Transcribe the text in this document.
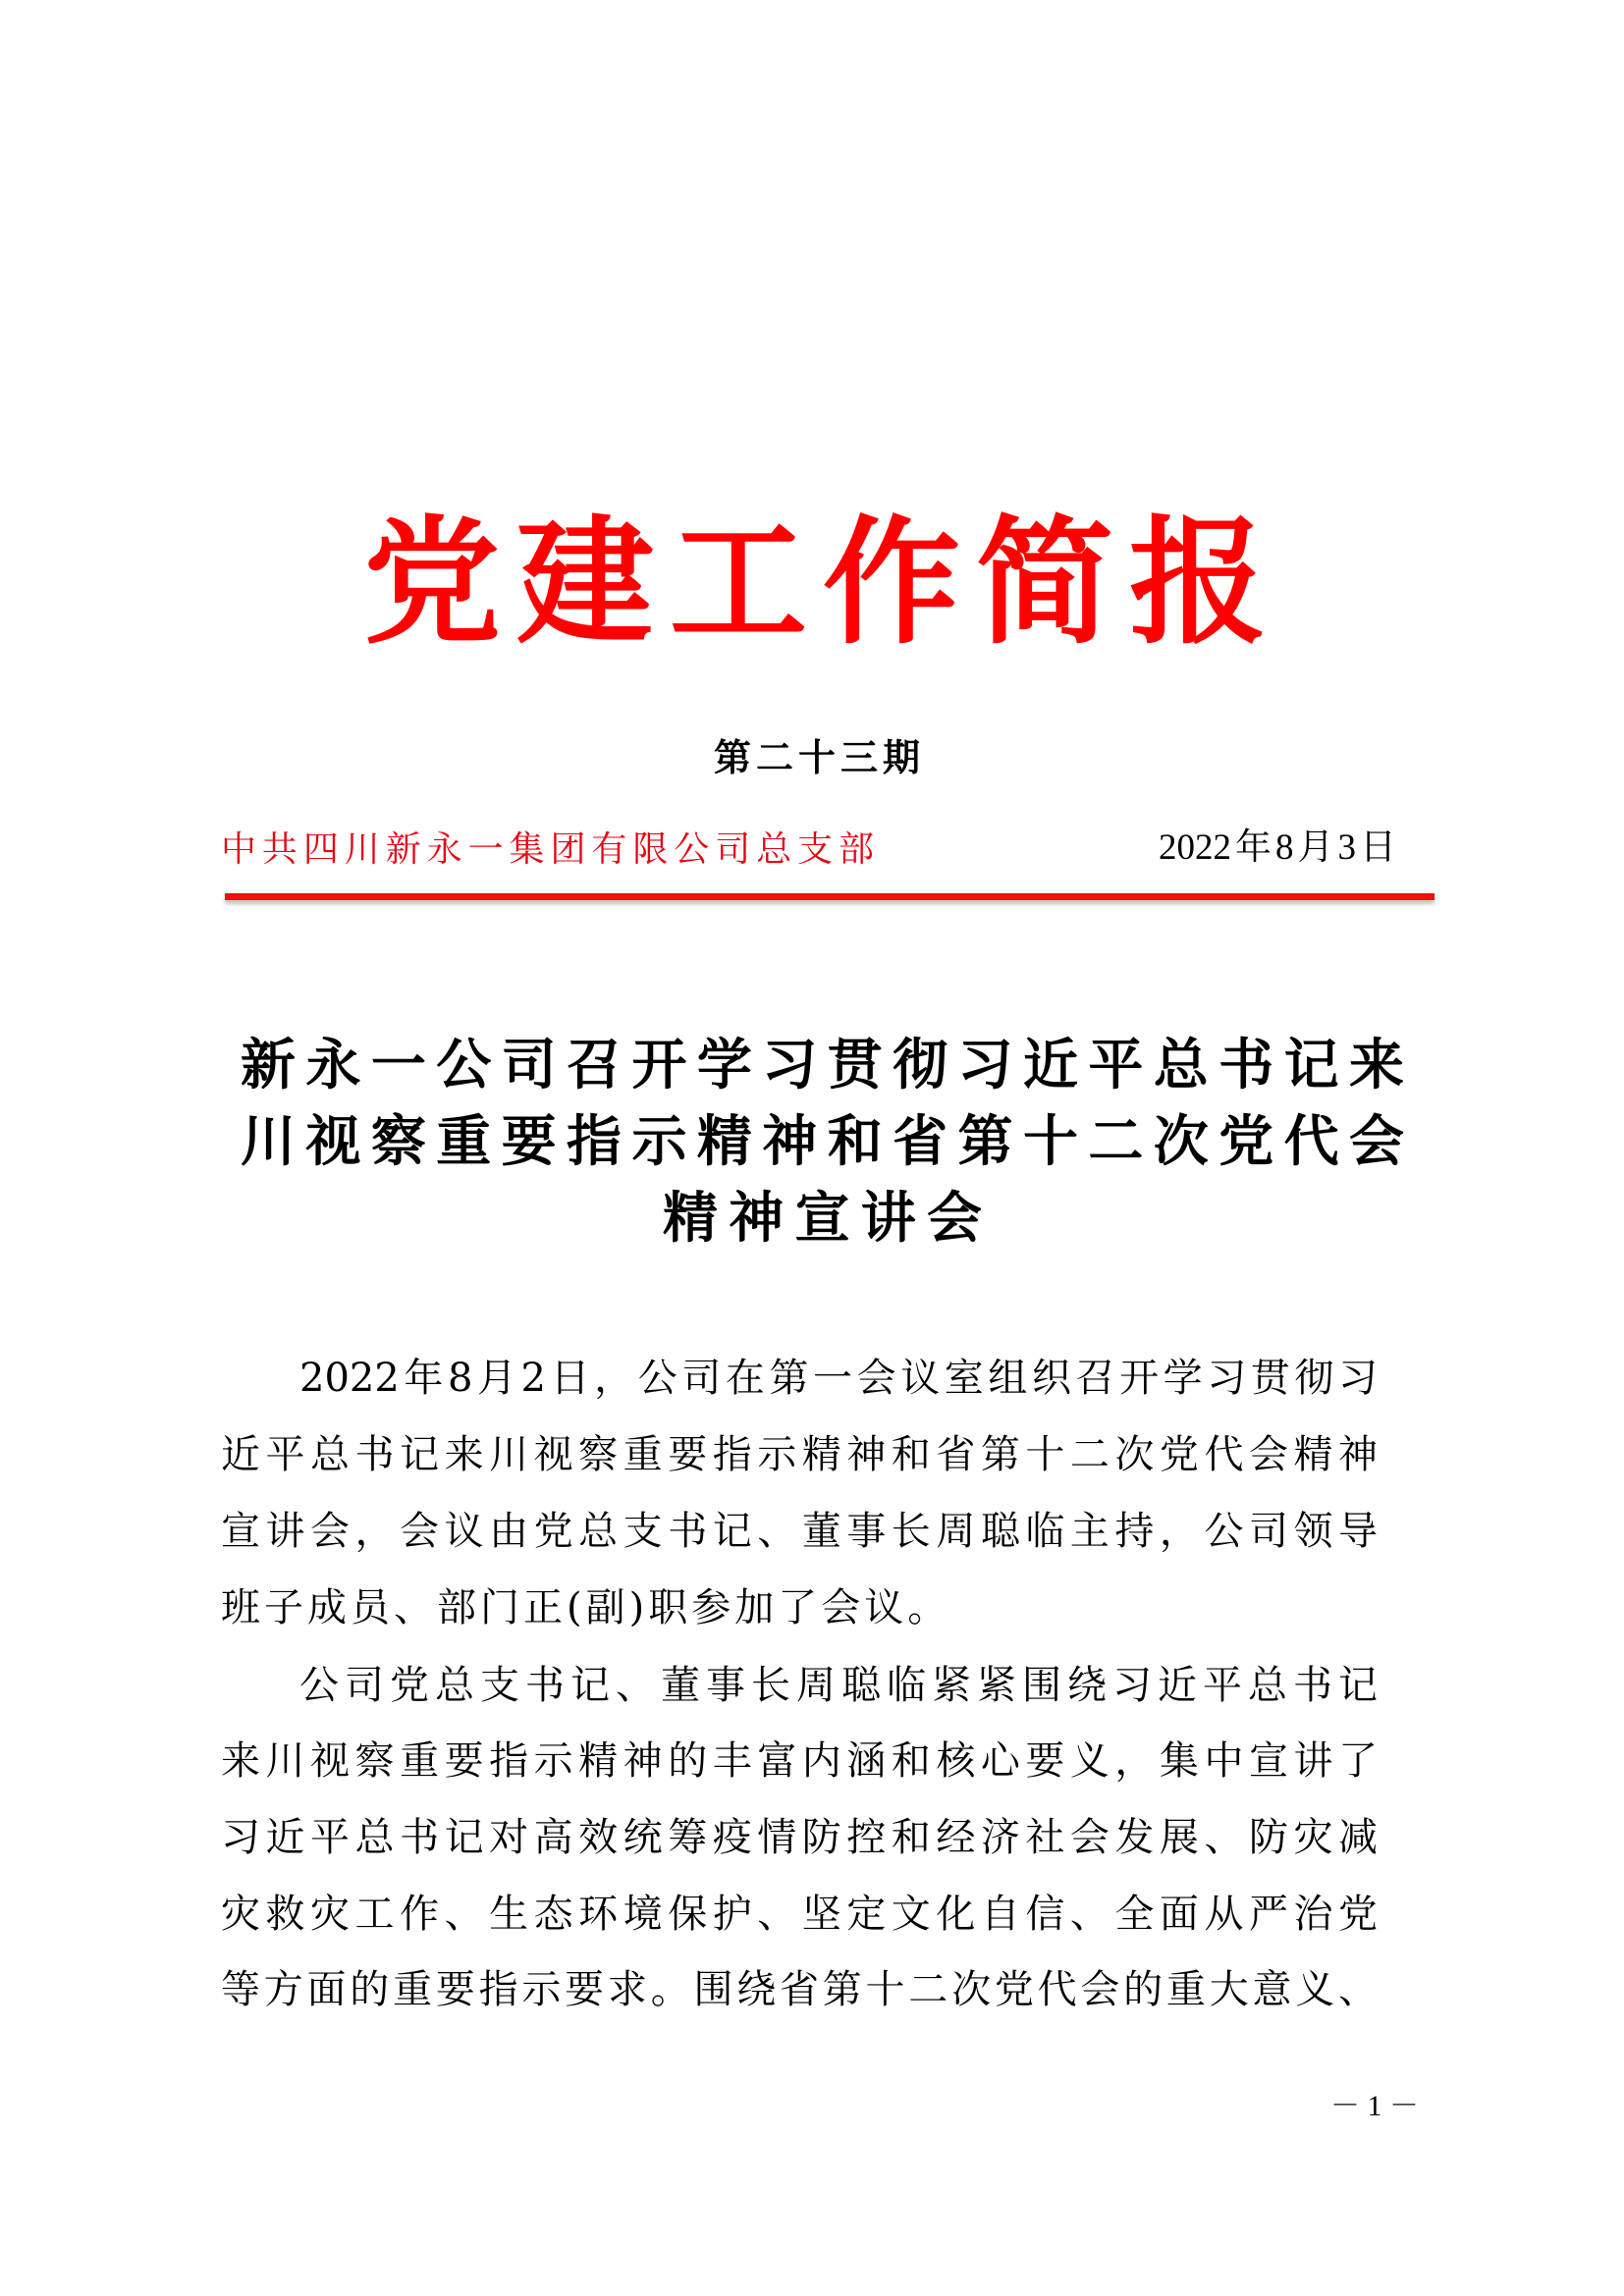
党建工作简报
第二十三期
中共四川新永一集团有限公司总支部	2022年8月3日
新永一公司召开学习贯彻习近平总书记来
川视察重要指示精神和省第十二次党代会
精神宣讲会
2022年8月2日，公司在第一会议室组织召开学习贯彻习
近平总书记来川视察重要指示精神和省第十二次党代会精神
宣讲会，会议由党总支书记、董事长周聪临主持，公司领导
班子成员、部门正(副)职参加了会议。
公司党总支书记、董事长周聪临紧紧围绕习近平总书记
来川视察重要指示精神的丰富内涵和核心要义，集中宣讲了
习近平总书记对高效统筹疫情防控和经济社会发展、防灾减
灾救灾工作、生态环境保护、坚定文化自信、全面从严治党
等方面的重要指示要求。围绕省第十二次党代会的重大意义、
－ 1 －
